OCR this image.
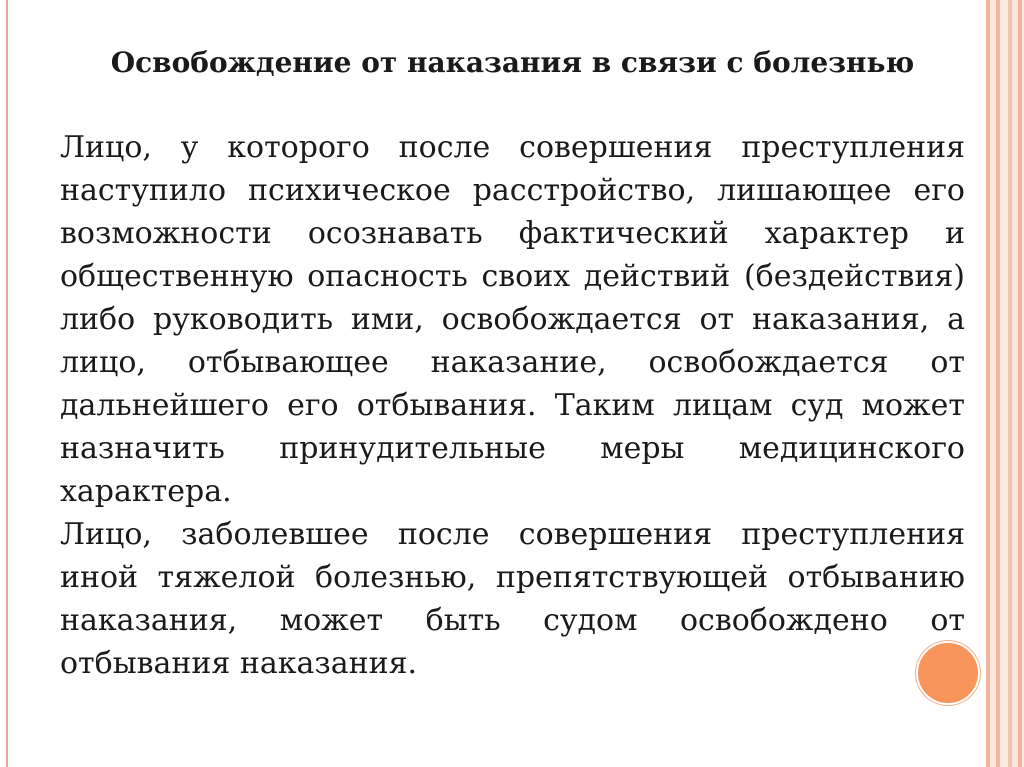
Освобождение от наказания в связи с болезнью

Лицо, у которого после совершения преступления наступило психическое расстройство, лишающее его возможности осознавать фактический характер и общественную опасность своих действий (бездействия) либо руководить ими, освобождается от наказания, а лицо, отбывающее наказание, освобождается от дальнейшего его отбывания. Таким лицам суд может назначить принудительные меры медицинского характера.

Лицо, заболевшее после совершения преступления иной тяжелой болезнью, препятствующей отбыванию наказания, может быть судом освобождено от отбывания наказания.
